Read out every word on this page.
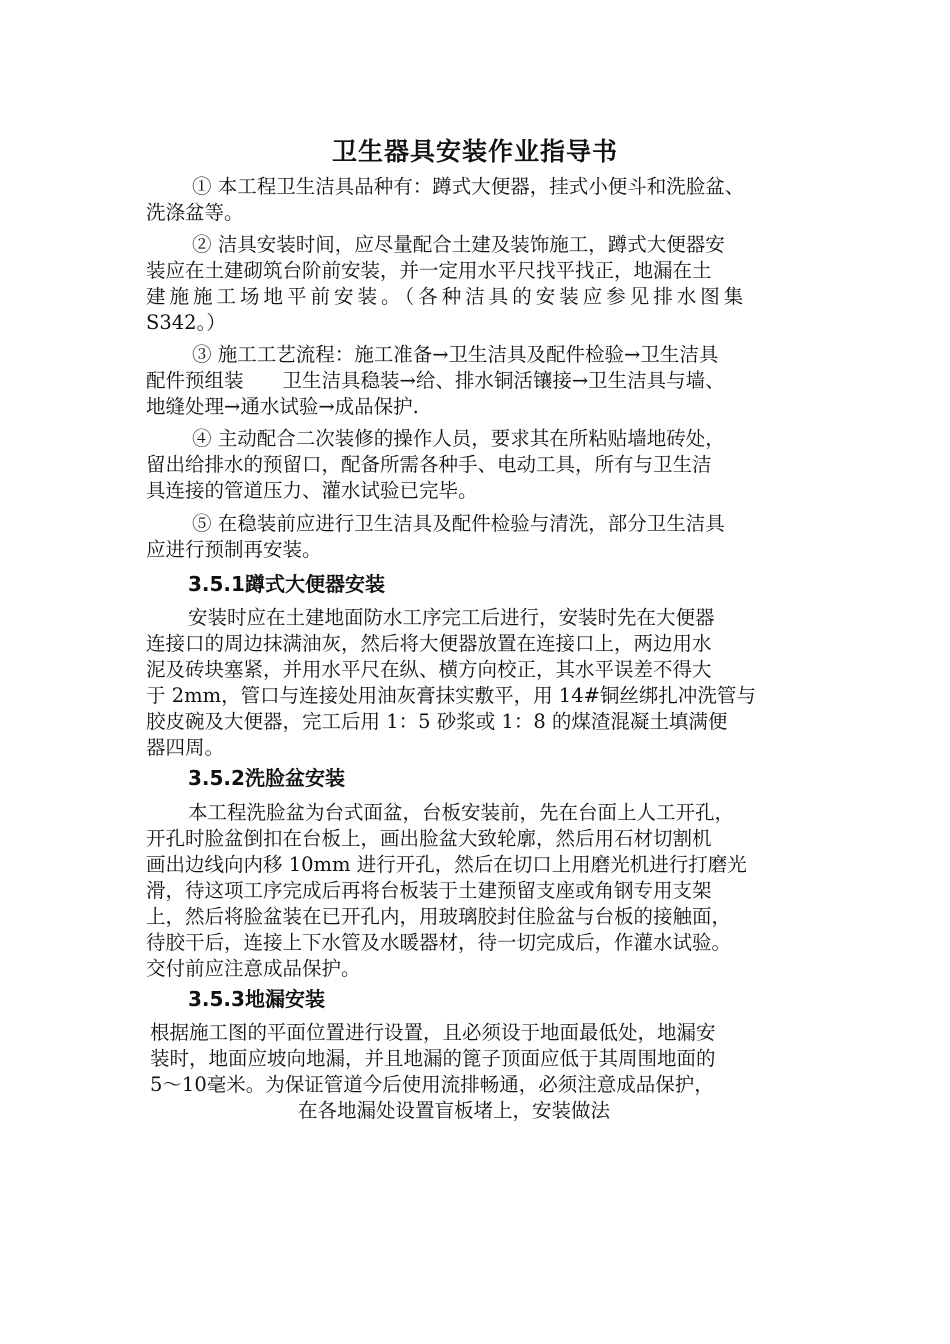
卫生器具安装作业指导书
① 本工程卫生洁具品种有：蹲式大便器，挂式小便斗和洗脸盆、
洗涤盆等。
② 洁具安装时间，应尽量配合土建及装饰施工，蹲式大便器安
装应在土建砌筑台阶前安装，并一定用水平尺找平找正，地漏在土
建施施工场地平前安装。（各种洁具的安装应参见排水图集
S342。）
③ 施工工艺流程：施工准备→卫生洁具及配件检验→卫生洁具
配件预组装　　卫生洁具稳装→给、排水铜活镶接→卫生洁具与墙、
地缝处理→通水试验→成品保护.
④ 主动配合二次装修的操作人员，要求其在所粘贴墙地砖处，
留出给排水的预留口，配备所需各种手、电动工具，所有与卫生洁
具连接的管道压力、灌水试验已完毕。
⑤ 在稳装前应进行卫生洁具及配件检验与清洗，部分卫生洁具
应进行预制再安装。
3.5.1蹲式大便器安装
安装时应在土建地面防水工序完工后进行，安装时先在大便器
连接口的周边抹满油灰，然后将大便器放置在连接口上，两边用水
泥及砖块塞紧，并用水平尺在纵、横方向校正，其水平误差不得大
于 2mm，管口与连接处用油灰膏抹实敷平，用 14#铜丝绑扎冲洗管与
胶皮碗及大便器，完工后用 1：5 砂浆或 1：8 的煤渣混凝土填满便
器四周。
3.5.2洗脸盆安装
本工程洗脸盆为台式面盆，台板安装前，先在台面上人工开孔，
开孔时脸盆倒扣在台板上，画出脸盆大致轮廓，然后用石材切割机
画出边线向内移 10mm 进行开孔，然后在切口上用磨光机进行打磨光
滑，待这项工序完成后再将台板装于土建预留支座或角钢专用支架
上，然后将脸盆装在已开孔内，用玻璃胶封住脸盆与台板的接触面，
待胶干后，连接上下水管及水暖器材，待一切完成后，作灌水试验。
交付前应注意成品保护。
3.5.3地漏安装
根据施工图的平面位置进行设置，且必须设于地面最低处，地漏安
装时，地面应坡向地漏，并且地漏的篦子顶面应低于其周围地面的
5～10毫米。为保证管道今后使用流排畅通，必须注意成品保护，
在各地漏处设置盲板堵上，安装做法
